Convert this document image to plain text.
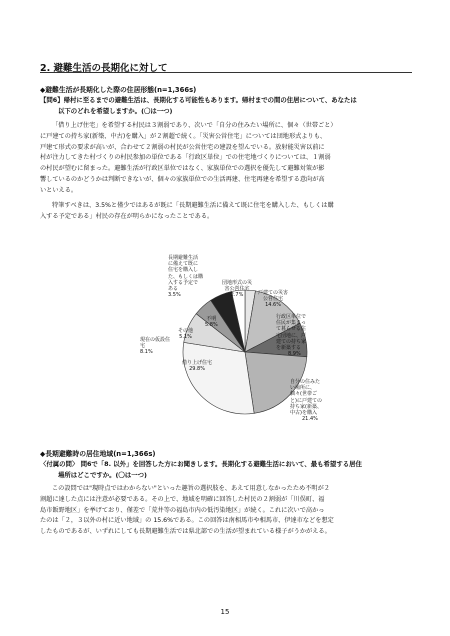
2. 避難生活の長期化に対して
◆避難生活が長期化した際の住居形態(n=1,366s)
【問6】帰村に至るまでの避難生活は、長期化する可能性もあります。帰村までの間の住居について、あなたは
以下のどれを希望しますか。(〇は一つ)
「借り上げ住宅」を希望する村民は３割弱であり、次いで「自分の住みたい場所に、個々（世帯ごと）
に戸建ての持ち家(新築、中古)を購入」が２割超で続く。「災害公営住宅」については団地形式よりも、
戸建て形式の要求が高いが、合わせて２割弱の村民が公営住宅の建設を望んでいる。放射能災害以前に
村が注力してきた村づくりの村民参加の単位である「行政区単位」での住宅地づくりについては、１割弱
の村民が望むに留まった。避難生活が行政区単位ではなく、家族単位での選択を優先して避難対策が影
響しているのかどうかは判断できないが、個々の家族単位での生活再建、住宅再建を希望する意向が高
いといえる。
特筆すべきは、3.5%と僅少ではあるが既に「長期避難生活に備えて既に住宅を購入した、もしくは購
入する予定である」村民の存在が明らかになったことである。
長期避難生活
に備えて既に
住宅を購入し
た、もしくは購
入する予定で
ある
3.5%
団地形式の災
害公営住宅
2.7%	戸建ての災害
公営住宅
14.6%
行政区単位で
住民が集まっ
て暮らせる住
宅団地に、戸
建ての持ち家
を新築する
8.9%
自分の住みた
い場所に、
個々(世帯ご
と)に戸建ての
持ち家(新築、
中古)を購入
21.4%
借り上げ住宅
29.8%
現在の仮設住
宅
8.1%
その他
5.1%
不明
5.8%
◆長期避難時の居住地域(n=1,366s)
〈付属の問〉 問6で「8. 以外」を回答した方にお聞きします。長期化する避難生活において、最も希望する居住
場所はどこですか。(〇は一つ)
この設問では"現時点ではわからない"といった趣旨の選択肢を、あえて用意しなかったため不明が２
割超に達した点には注意が必要である。その上で、地域を明確に回答した村民の２割弱が「川俣町、福
島市飯野地区」を挙げており、僅差で「荒井等の福島市内の低汚染地区」が続く。これに次いで高かっ
たのは「２，３以外の村に近い地域」の 15.6%である。この回答は南相馬市や相馬市、伊達市などを想定
したものであるが、いずれにしても長期避難生活では県北部での生活が望まれている様子がうかがえる。
15
